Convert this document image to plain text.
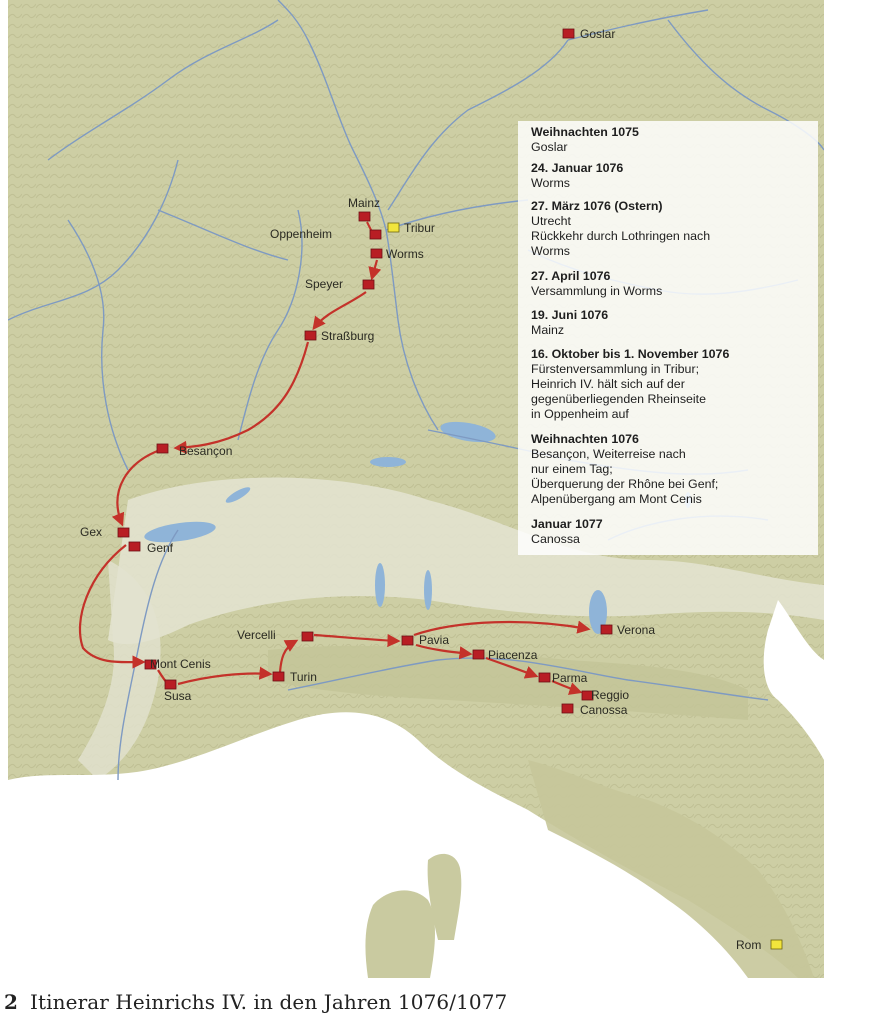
Goslar
Mainz
Tribur
Oppenheim
Worms
Speyer
Straßburg
Besançon
Gex
Genf
Mont Cenis
Susa
Turin
Vercelli	Pavia
Piacenza
Parma
Reggio
Canossa
Verona
Rom
Weihnachten 1075
Goslar
24. Januar 1076
Worms
27. März 1076 (Ostern)
Utrecht
Rückkehr durch Lothringen nach
Worms
27. April 1076
Versammlung in Worms
19. Juni 1076
Mainz
16. Oktober bis 1. November 1076
Fürstenversammlung in Tribur;
Heinrich IV. hält sich auf der
gegenüberliegenden Rheinseite
in Oppenheim auf
Weihnachten 1076
Besançon, Weiterreise nach
nur einem Tag;
Überquerung der Rhône bei Genf;
Alpenübergang am Mont Cenis
Januar 1077
Canossa
2 Itinerar Heinrichs IV. in den Jahren 1076/1077
